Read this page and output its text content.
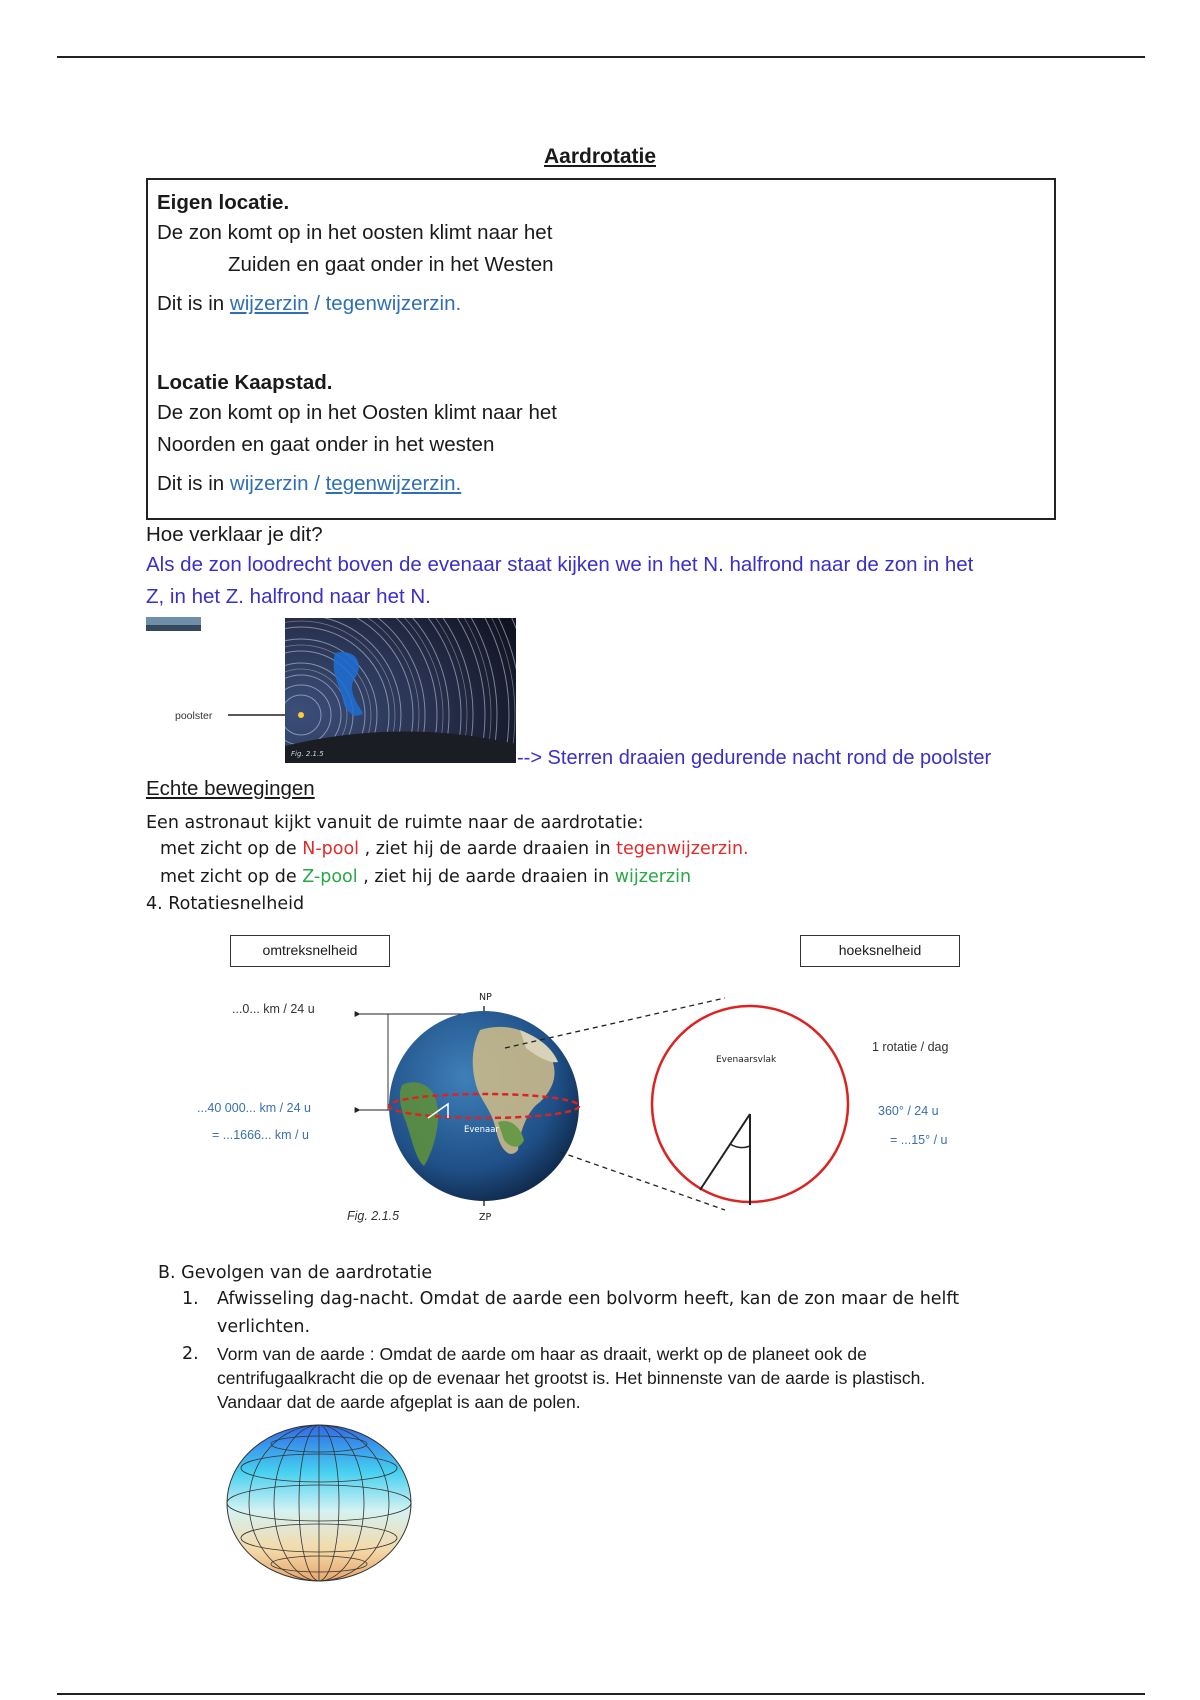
Aardrotatie
Eigen locatie.
De zon komt op in het oosten klimt naar het
Zuiden en gaat onder in het Westen
Dit is in wijzerzin / tegenwijzerzin.
Locatie Kaapstad.
De zon komt op in het Oosten klimt naar het
Noorden en gaat onder in het westen
Dit is in wijzerzin / tegenwijzerzin.
Hoe verklaar je dit?
Als de zon loodrecht boven de evenaar staat kijken we in het N. halfrond naar de zon in het
Z, in het Z. halfrond naar het N.
poolster
Fig. 2.1.5	--> Sterren draaien gedurende nacht rond de poolster
Echte bewegingen
Een astronaut kijkt vanuit de ruimte naar de aardrotatie:
met zicht op de N-pool , ziet hij de aarde draaien in tegenwijzerzin.
met zicht op de Z-pool , ziet hij de aarde draaien in wijzerzin
4. Rotatiesnelheid
omtreksnelheid	hoeksnelheid
NP
ZP
Evenaar
Evenaarsvlak
...0... km / 24 u
...40 000... km / 24 u
= ...1666... km / u
1 rotatie / dag
360° / 24 u
= ...15° / u
Fig. 2.1.5
B. Gevolgen van de aardrotatie
1. Afwisseling dag-nacht. Omdat de aarde een bolvorm heeft, kan de zon maar de helft
verlichten.
2. Vorm van de aarde : Omdat de aarde om haar as draait, werkt op de planeet ook de
centrifugaalkracht die op de evenaar het grootst is. Het binnenste van de aarde is plastisch.
Vandaar dat de aarde afgeplat is aan de polen.
